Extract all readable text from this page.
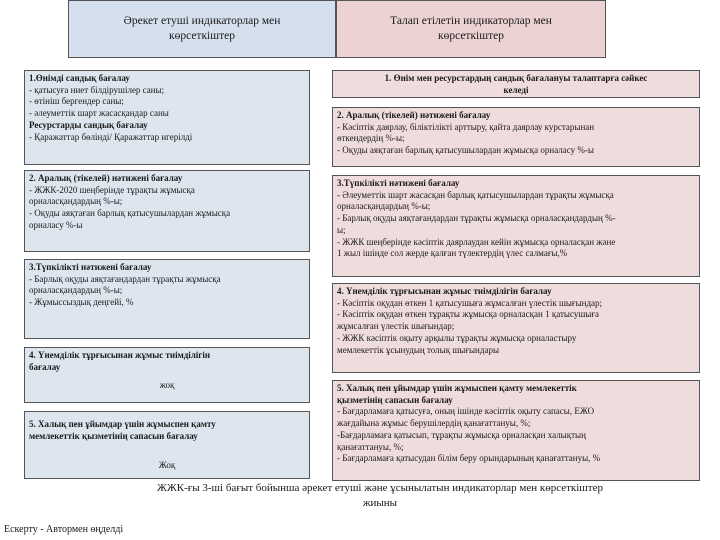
Әрекет етуші индикаторлар мен
көрсеткіштер
Талап етілетін индикаторлар мен
көрсеткіштер
1.Өнімді сандық бағалау
- қатысуға ниет білдірушілер саны;
- өтініш бергендер саны;
- әлеуметтік шарт жасасқандар саны
Ресурстарды сандық бағалау
- Қаражаттар бөлінді/ Қаражаттар игерілді
2. Аралық (тікелей) нәтижені бағалау
- ЖЖК-2020 шеңберінде тұрақты жұмысқа
орналасқандардың %-ы;
- Оқуды аяқтаған барлық қатысушылардан жұмысқа
орналасу %-ы
3.Түпкілікті нәтижені бағалау
- Барлық оқуды аяқтағандардан тұрақты жұмысқа
орналасқандардың %-ы;
- Жұмыссыздық деңгейі, %
4. Үнемділік тұрғысынан жұмыс тиімділігін
бағалау
жоқ
5. Халық пен ұйымдар үшін жұмыспен қамту
мемлекеттік қызметінің сапасын бағалау
Жоқ
1. Өнім мен ресурстардың сандық бағалануы талаптарға сәйкес
келеді
2. Аралық (тікелей) нәтижені бағалау
- Кәсіптік даярлау, біліктілікті арттыру, қайта даярлау курстарынан
өткендердің %-ы;
- Оқуды аяқтаған барлық қатысушылардан жұмысқа орналасу %-ы
3.Түпкілікті нәтижені бағалау
- Әлеуметтік шарт жасасқан барлық қатысушылардан тұрақты жұмысқа
орналасқандардың %-ы;
- Барлық оқуды аяқтағандардан тұрақты жұмысқа орналасқандардың %-
ы;
- ЖЖК шеңберінде кәсіптік даярлаудан кейін жұмысқа орналасқан және
1 жыл ішінде сол жерде қалған түлектердің үлес салмағы,%
4. Үнемділік тұрғысынан жұмыс тиімділігін бағалау
- Кәсіптік оқудан өткен 1 қатысушыға жұмсалған үлестік шығындар;
- Кәсіптік оқудан өткен тұрақты жұмысқа орналасқан 1 қатысушыға
жұмсалған үлестік шығындар;
- ЖЖК кәсіптік оқыту арқылы тұрақты жұмысқа орналастыру
мемлекеттік ұсынудың толық шығындары
5. Халық пен ұйымдар үшін жұмыспен қамту мемлекеттік
қызметінің сапасын бағалау
- Бағдарламаға қатысуға, оның ішінде кәсіптік оқыту сапасы, ЕЖО
жағдайына жұмыс берушілердің қанағаттануы, %;
-Бағдарламаға қатысып, тұрақты жұмысқа орналасқан халықтың
қанағаттануы, %;
- Бағдарламаға қатысудан білім беру орындарының қанағаттануы, %
ЖЖК-ғы 3-ші бағыт бойынша әрекет етуші және ұсынылатын индикаторлар мен көрсеткіштер
жиыны
Ескерту - Автормен өңделді
